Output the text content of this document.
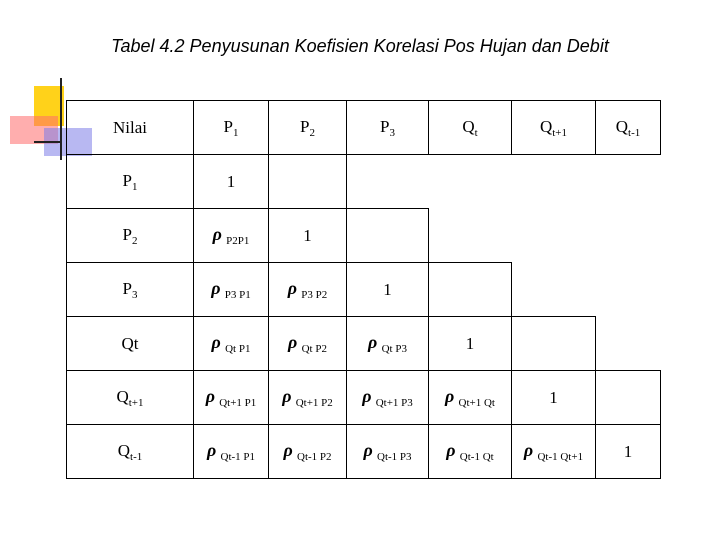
Tabel 4.2 Penyusunan Koefisien Korelasi Pos Hujan dan Debit
Nilai	$P_1$	$P_2$	$P_3$	$Q_t$	$Q_{t+1}$	$Q_{t-1}$
$P_1$	1					
$P_2$	ρ $_{P2P1}$	1				
$P_3$	ρ $_{P3 P1}$	ρ $_{P3 P2}$	1			
Qt	ρ $_{Qt P1}$	ρ $_{Qt P2}$	ρ $_{Qt P3}$	1		
$Q_{t+1}$	ρ $_{Qt+1 P1}$	ρ $_{Qt+1 P2}$	ρ $_{Qt+1 P3}$	ρ $_{Qt+1 Qt}$	1	
$Q_{t-1}$	ρ $_{Qt-1 P1}$	ρ $_{Qt-1 P2}$	ρ $_{Qt-1 P3}$	ρ $_{Qt-1 Qt}$	ρ $_{Qt-1 Qt+1}$	1
